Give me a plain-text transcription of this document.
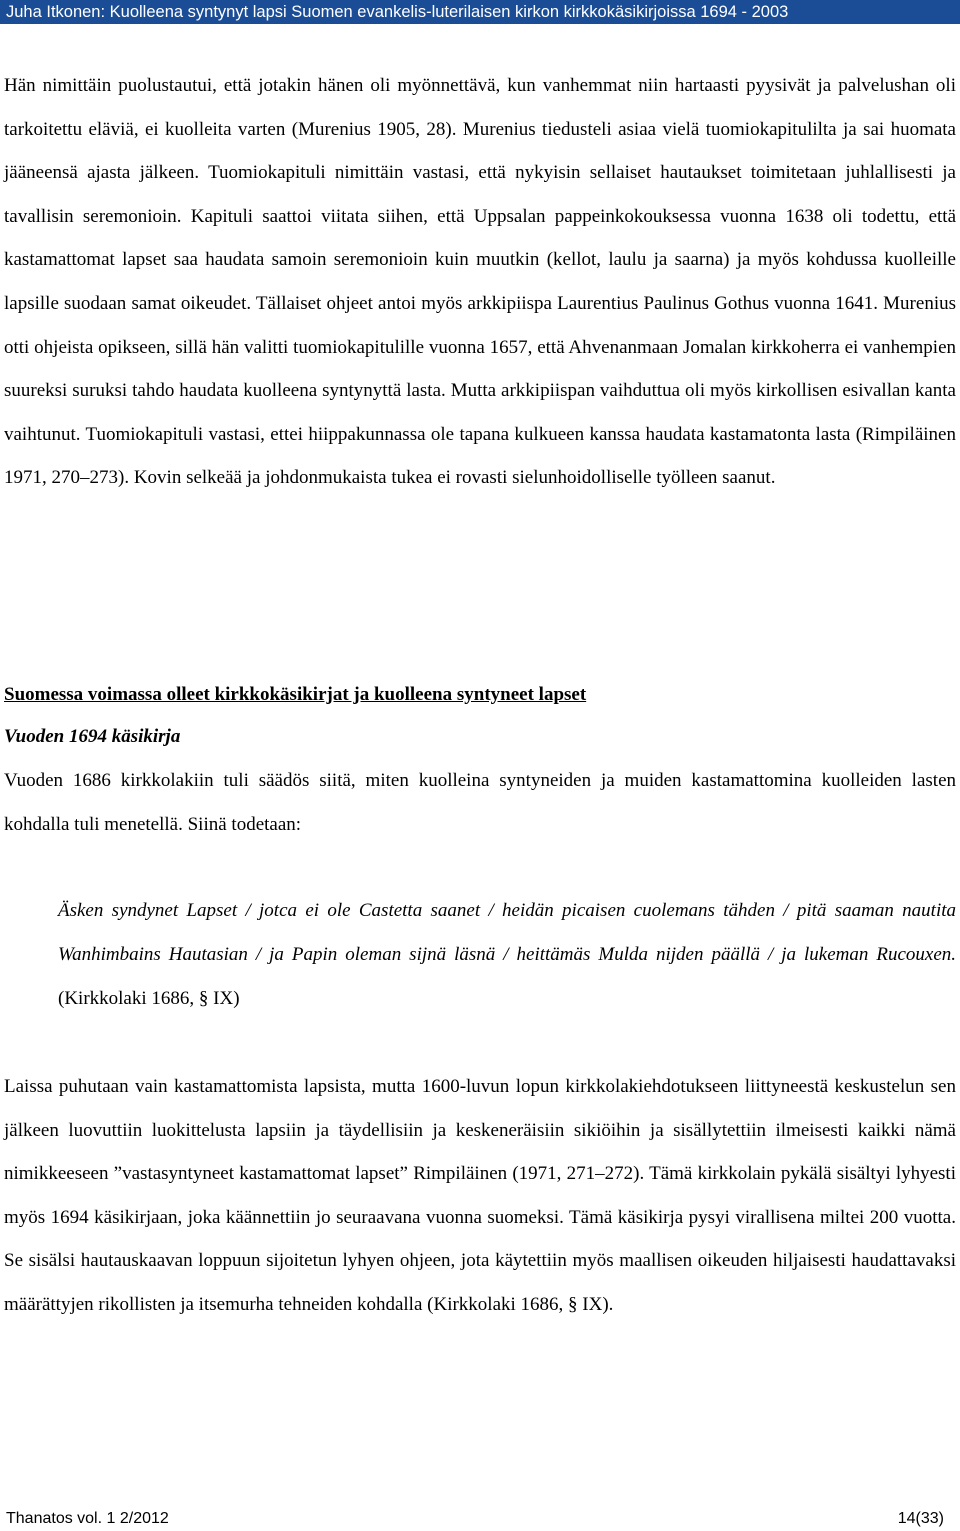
Juha Itkonen: Kuolleena syntynyt lapsi Suomen evankelis-luterilaisen kirkon kirkkokäsikirjoissa 1694 - 2003

Hän nimittäin puolustautui, että jotakin hänen oli myönnettävä, kun vanhemmat niin hartaasti pyysivät ja palvelushan oli tarkoitettu eläviä, ei kuolleita varten (Murenius 1905, 28). Murenius tiedusteli asiaa vielä tuomiokapitulilta ja sai huomata jääneensä ajasta jälkeen. Tuomiokapituli nimittäin vastasi, että nykyisin sellaiset hautaukset toimitetaan juhlallisesti ja tavallisin seremonioin. Kapituli saattoi viitata siihen, että Uppsalan pappeinkokouksessa vuonna 1638 oli todettu, että kastamattomat lapset saa haudata samoin seremonioin kuin muutkin (kellot, laulu ja saarna) ja myös kohdussa kuolleille lapsille suodaan samat oikeudet. Tällaiset ohjeet antoi myös arkkipiispa Laurentius Paulinus Gothus vuonna 1641. Murenius otti ohjeista opikseen, sillä hän valitti tuomiokapitulille vuonna 1657, että Ahvenanmaan Jomalan kirkkoherra ei vanhempien suureksi suruksi tahdo haudata kuolleena syntynyttä lasta. Mutta arkkipiispan vaihduttua oli myös kirkollisen esivallan kanta vaihtunut. Tuomiokapituli vastasi, ettei hiippakunnassa ole tapana kulkueen kanssa haudata kastamatonta lasta (Rimpiläinen 1971, 270–273). Kovin selkeää ja johdonmukaista tukea ei rovasti sielunhoidolliselle työlleen saanut.

Suomessa voimassa olleet kirkkokäsikirjat ja kuolleena syntyneet lapset
Vuoden 1694 käsikirja

Vuoden 1686 kirkkolakiin tuli säädös siitä, miten kuolleina syntyneiden ja muiden kastamattomina kuolleiden lasten kohdalla tuli menetellä. Siinä todetaan:

Äsken syndynet Lapset / jotca ei ole Castetta saanet / heidän picaisen cuolemans tähden / pitä saaman nautita Wanhimbains Hautasian / ja Papin oleman sijnä läsnä / heittämäs Mulda nijden päällä / ja lukeman Rucouxen. (Kirkkolaki 1686, § IX)

Laissa puhutaan vain kastamattomista lapsista, mutta 1600-luvun lopun kirkkolakiehdotukseen liittyneestä keskustelun sen jälkeen luovuttiin luokittelusta lapsiin ja täydellisiin ja keskeneräisiin sikiöihin ja sisällytettiin ilmeisesti kaikki nämä nimikkeeseen ”vastasyntyneet kastamattomat lapset” Rimpiläinen (1971, 271–272). Tämä kirkkolain pykälä sisältyi lyhyesti myös 1694 käsikirjaan, joka käännettiin jo seuraavana vuonna suomeksi. Tämä käsikirja pysyi virallisena miltei 200 vuotta. Se sisälsi hautauskaavan loppuun sijoitetun lyhyen ohjeen, jota käytettiin myös maallisen oikeuden hiljaisesti haudattavaksi määrättyjen rikollisten ja itsemurha tehneiden kohdalla (Kirkkolaki 1686, § IX).

Thanatos vol. 1 2/2012	14(33)
